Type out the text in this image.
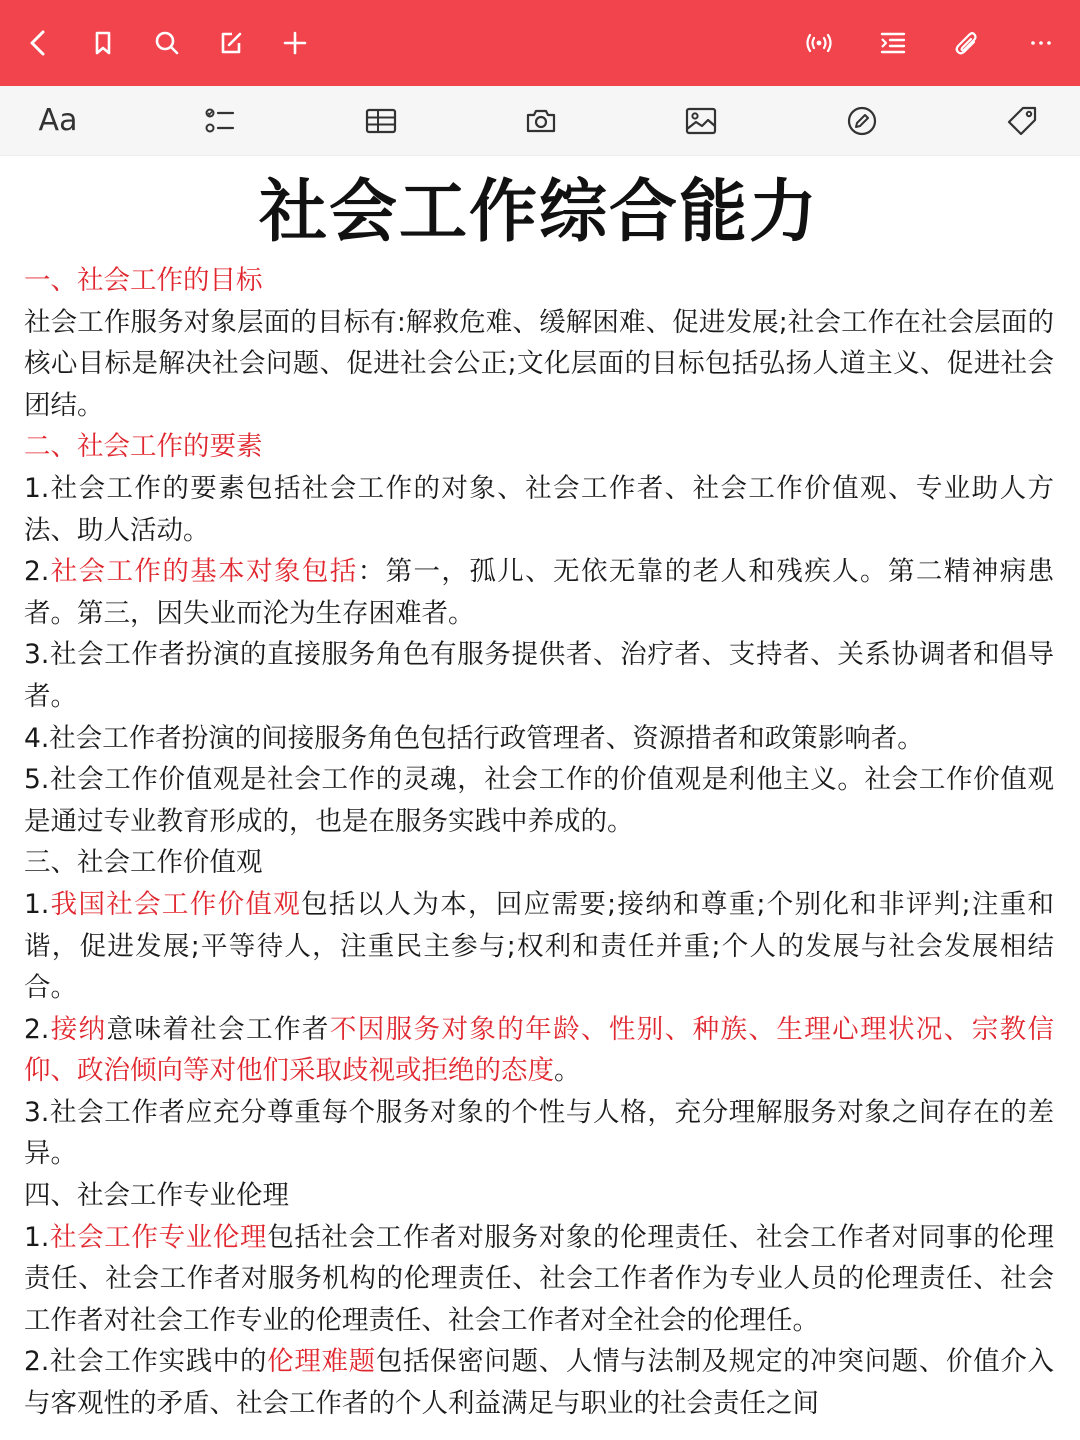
Aa
社会工作综合能力

一、社会工作的目标

社会工作服务对象层面的目标有:解救危难、缓解困难、促进发展;社会工作在社会层面的核心目标是解决社会问题、促进社会公正;文化层面的目标包括弘扬人道主义、促进社会团结。

二、社会工作的要素

1.社会工作的要素包括社会工作的对象、社会工作者、社会工作价值观、专业助人方法、助人活动。

2.社会工作的基本对象包括：第一，孤儿、无依无靠的老人和残疾人。第二精神病患者。第三，因失业而沦为生存困难者。

3.社会工作者扮演的直接服务角色有服务提供者、治疗者、支持者、关系协调者和倡导者。

4.社会工作者扮演的间接服务角色包括行政管理者、资源措者和政策影响者。

5.社会工作价值观是社会工作的灵魂，社会工作的价值观是利他主义。社会工作价值观是通过专业教育形成的，也是在服务实践中养成的。

三、社会工作价值观

1.我国社会工作价值观包括以人为本，回应需要;接纳和尊重;个别化和非评判;注重和谐，促进发展;平等待人，注重民主参与;权利和责任并重;个人的发展与社会发展相结合。

2.接纳意味着社会工作者不因服务对象的年龄、性别、种族、生理心理状况、宗教信仰、政治倾向等对他们采取歧视或拒绝的态度。

3.社会工作者应充分尊重每个服务对象的个性与人格，充分理解服务对象之间存在的差异。

四、社会工作专业伦理

1.社会工作专业伦理包括社会工作者对服务对象的伦理责任、社会工作者对同事的伦理责任、社会工作者对服务机构的伦理责任、社会工作者作为专业人员的伦理责任、社会工作者对社会工作专业的伦理责任、社会工作者对全社会的伦理任。

2.社会工作实践中的伦理难题包括保密问题、人情与法制及规定的冲突问题、价值介入与客观性的矛盾、社会工作者的个人利益满足与职业的社会责任之间
